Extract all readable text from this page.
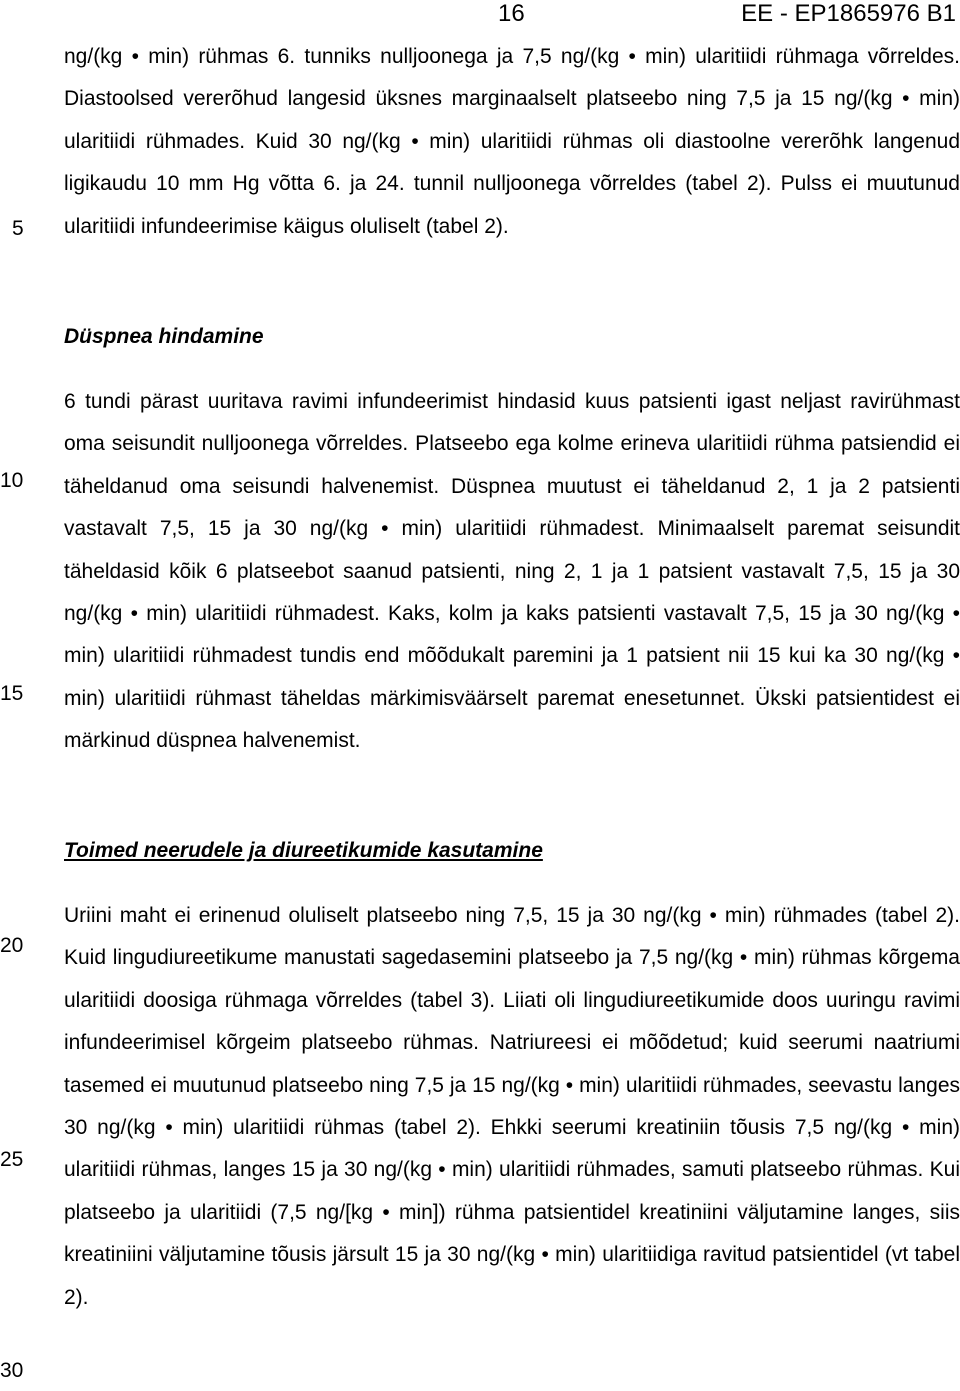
16	EE - EP1865976 B1
5
10
15
20
25
30

ng/(kg • min) rühmas 6. tunniks nulljoonega ja 7,5 ng/(kg • min) ularitiidi rühmaga võrreldes. Diastoolsed vererõhud langesid üksnes marginaalselt platseebo ning 7,5 ja 15 ng/(kg • min) ularitiidi rühmades. Kuid 30 ng/(kg • min) ularitiidi rühmas oli diastoolne vererõhk langenud ligikaudu 10 mm Hg võtta 6. ja 24. tunnil nulljoonega võrreldes (tabel 2). Pulss ei muutunud ularitiidi infundeerimise käigus oluliselt (tabel 2).

Düspnea hindamine

6 tundi pärast uuritava ravimi infundeerimist hindasid kuus patsienti igast neljast ravirühmast oma seisundit nulljoonega võrreldes. Platseebo ega kolme erineva ularitiidi rühma patsiendid ei täheldanud oma seisundi halvenemist. Düspnea muutust ei täheldanud 2, 1 ja 2 patsienti vastavalt 7,5, 15 ja 30 ng/(kg • min) ularitiidi rühmadest. Minimaalselt paremat seisundit täheldasid kõik 6 platseebot saanud patsienti, ning 2, 1 ja 1 patsient vastavalt 7,5, 15 ja 30 ng/(kg • min) ularitiidi rühmadest. Kaks, kolm ja kaks patsienti vastavalt 7,5, 15 ja 30 ng/(kg • min) ularitiidi rühmadest tundis end mõõdukalt paremini ja 1 patsient nii 15 kui ka 30 ng/(kg • min) ularitiidi rühmast täheldas märkimisväärselt paremat enesetunnet. Ükski patsientidest ei märkinud düspnea halvenemist.

Toimed neerudele ja diureetikumide kasutamine

Uriini maht ei erinenud oluliselt platseebo ning 7,5, 15 ja 30 ng/(kg • min) rühmades (tabel 2). Kuid lingudiureetikume manustati sagedasemini platseebo ja 7,5 ng/(kg • min) rühmas kõrgema ularitiidi doosiga rühmaga võrreldes (tabel 3). Liiati oli lingudiureetikumide doos uuringu ravimi infundeerimisel kõrgeim platseebo rühmas. Natriureesi ei mõõdetud; kuid seerumi naatriumi tasemed ei muutunud platseebo ning 7,5 ja 15 ng/(kg • min) ularitiidi rühmades, seevastu langes 30 ng/(kg • min) ularitiidi rühmas (tabel 2). Ehkki seerumi kreatiniin tõusis 7,5 ng/(kg • min) ularitiidi rühmas, langes 15 ja 30 ng/(kg • min) ularitiidi rühmades, samuti platseebo rühmas. Kui platseebo ja ularitiidi (7,5 ng/[kg • min]) rühma patsientidel kreatiniini väljutamine langes, siis kreatiniini väljutamine tõusis järsult 15 ja 30 ng/(kg • min) ularitiidiga ravitud patsientidel (vt tabel 2).
